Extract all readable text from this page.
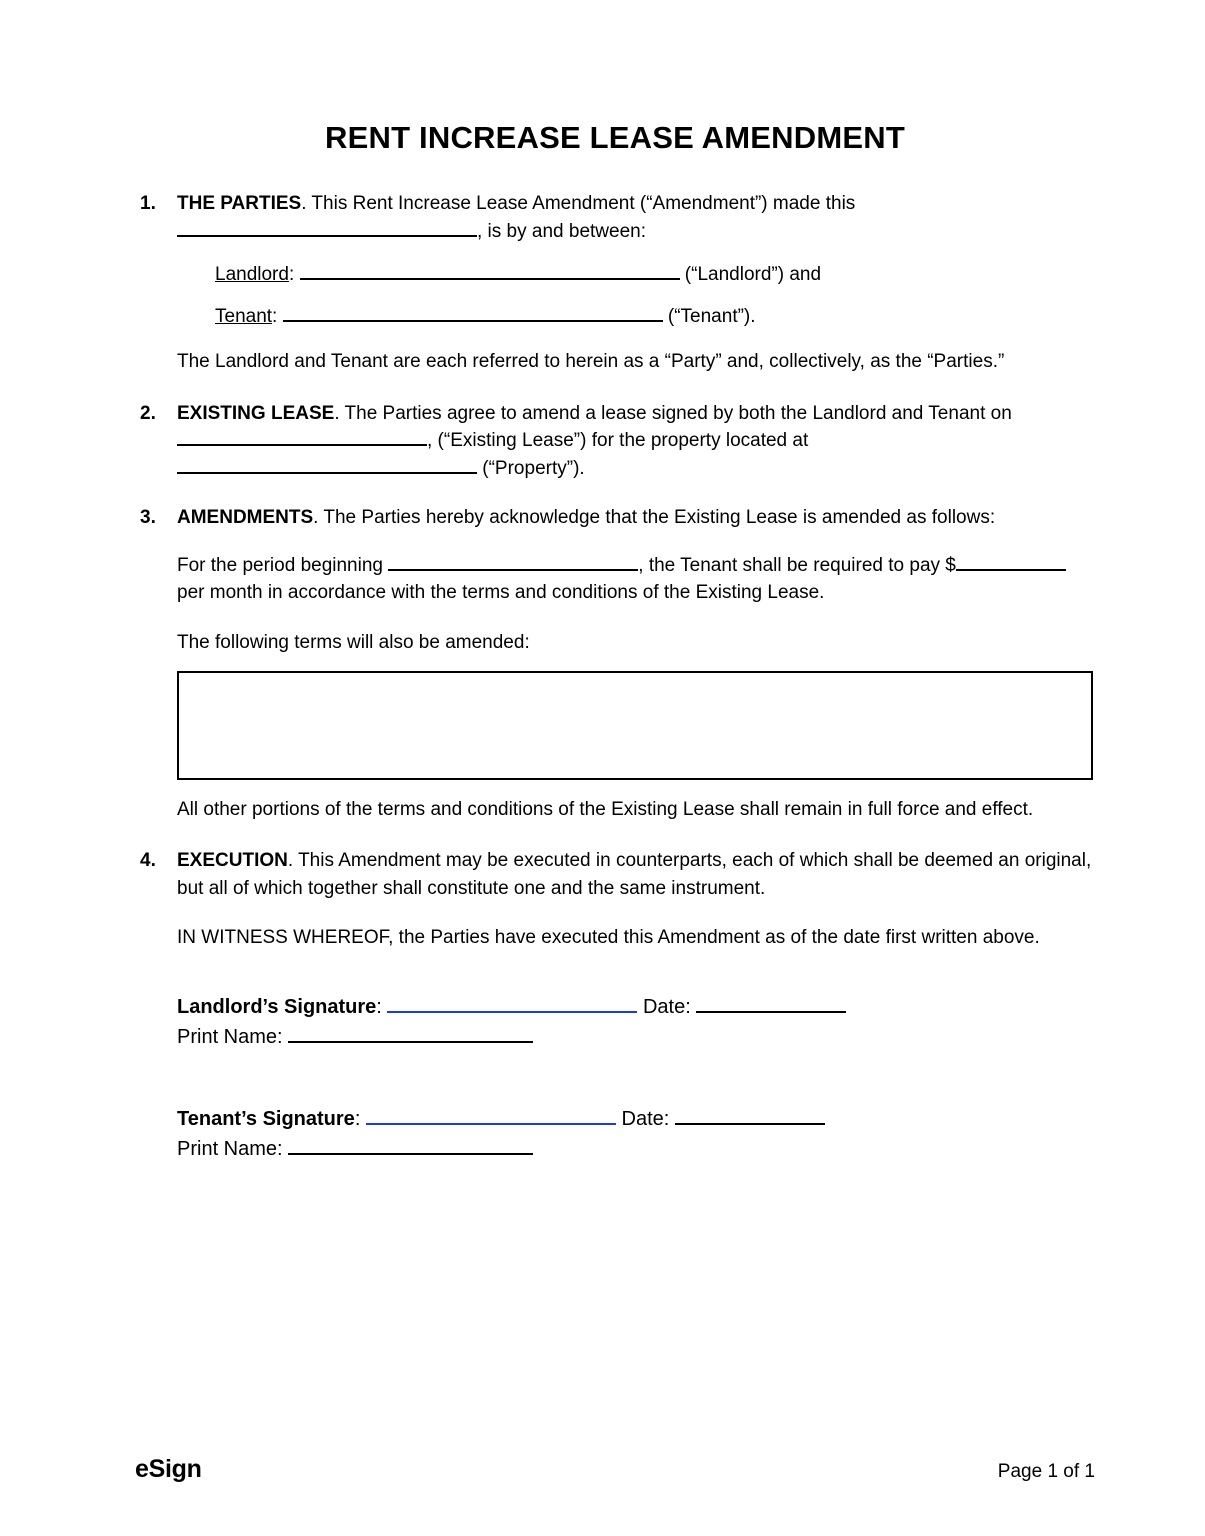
RENT INCREASE LEASE AMENDMENT
1.	THE PARTIES. This Rent Increase Lease Amendment (“Amendment”) made this
, is by and between:
Landlord:	(“Landlord”) and
Tenant:	(“Tenant”).
The Landlord and Tenant are each referred to herein as a “Party” and, collectively, as the “Parties.”
2.	EXISTING LEASE. The Parties agree to amend a lease signed by both the Landlord and Tenant on , (“Existing Lease”) for the property located at  (“Property”).
3.	AMENDMENTS. The Parties hereby acknowledge that the Existing Lease is amended as follows:
For the period beginning	, the Tenant shall be required to pay $ per month in accordance with the terms and conditions of the Existing Lease.
The following terms will also be amended:
All other portions of the terms and conditions of the Existing Lease shall remain in full force and effect.
4.	EXECUTION. This Amendment may be executed in counterparts, each of which shall be deemed an original, but all of which together shall constitute one and the same instrument.
IN WITNESS WHEREOF, the Parties have executed this Amendment as of the date first written above.
Landlord’s Signature:	Date:
Print Name:
Tenant’s Signature:	Date:
Print Name:
eSign	Page 1 of 1
